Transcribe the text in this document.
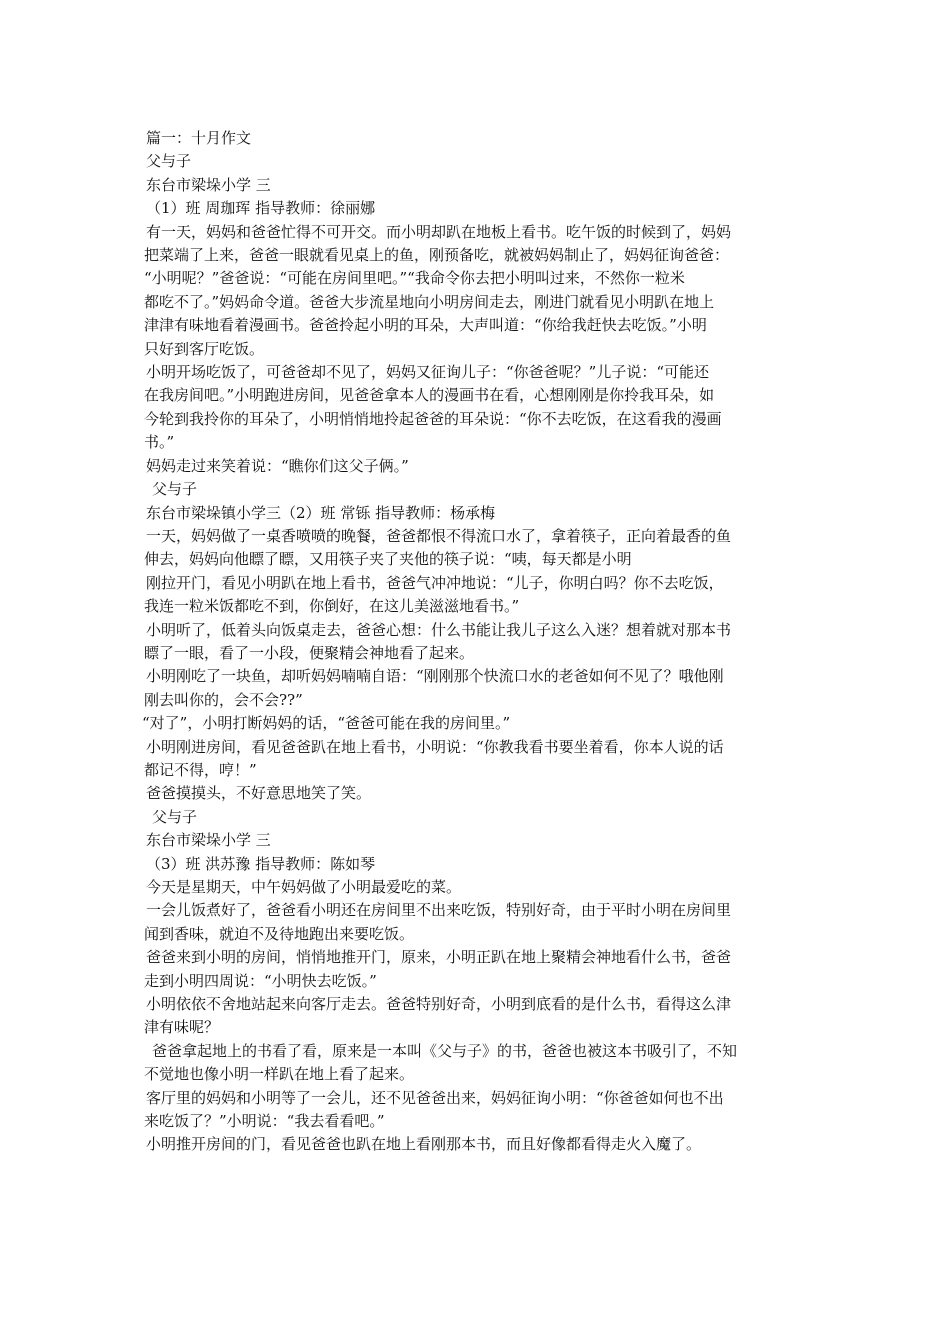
篇一：十月作文

父与子

东台市梁垛小学 三

（1）班 周珈珲 指导教师：徐丽娜

有一天，妈妈和爸爸忙得不可开交。而小明却趴在地板上看书。吃午饭的时候到了，妈妈

把菜端了上来，爸爸一眼就看见桌上的鱼，刚预备吃，就被妈妈制止了，妈妈征询爸爸：

“小明呢？”爸爸说：“可能在房间里吧。”“我命令你去把小明叫过来，不然你一粒米

都吃不了。”妈妈命令道。爸爸大步流星地向小明房间走去，刚进门就看见小明趴在地上

津津有味地看着漫画书。爸爸拎起小明的耳朵，大声叫道：“你给我赶快去吃饭。”小明

只好到客厅吃饭。

小明开场吃饭了，可爸爸却不见了，妈妈又征询儿子：“你爸爸呢？”儿子说：“可能还

在我房间吧。”小明跑进房间，见爸爸拿本人的漫画书在看，心想刚刚是你拎我耳朵，如

今轮到我拎你的耳朵了，小明悄悄地拎起爸爸的耳朵说：“你不去吃饭，在这看我的漫画

书。”

妈妈走过来笑着说：“瞧你们这父子俩。”

父与子

东台市梁垛镇小学三（2）班 常铄 指导教师：杨承梅

一天，妈妈做了一桌香喷喷的晚餐，爸爸都恨不得流口水了，拿着筷子，正向着最香的鱼

伸去，妈妈向他瞟了瞟，又用筷子夹了夹他的筷子说：“咦，每天都是小明

刚拉开门，看见小明趴在地上看书，爸爸气冲冲地说：“儿子，你明白吗？你不去吃饭，

我连一粒米饭都吃不到，你倒好，在这儿美滋滋地看书。”

小明听了，低着头向饭桌走去，爸爸心想：什么书能让我儿子这么入迷？想着就对那本书

瞟了一眼，看了一小段，便聚精会神地看了起来。

小明刚吃了一块鱼，却听妈妈喃喃自语：“刚刚那个快流口水的老爸如何不见了？哦他刚

刚去叫你的，会不会??”

“对了”，小明打断妈妈的话，“爸爸可能在我的房间里。”

小明刚进房间，看见爸爸趴在地上看书，小明说：“你教我看书要坐着看，你本人说的话

都记不得，哼！”

爸爸摸摸头，不好意思地笑了笑。

父与子

东台市梁垛小学 三

（3）班 洪苏豫 指导教师：陈如琴

今天是星期天，中午妈妈做了小明最爱吃的菜。

一会儿饭煮好了，爸爸看小明还在房间里不出来吃饭，特别好奇，由于平时小明在房间里

闻到香味，就迫不及待地跑出来要吃饭。

爸爸来到小明的房间，悄悄地推开门，原来，小明正趴在地上聚精会神地看什么书，爸爸

走到小明四周说：“小明快去吃饭。”

小明依依不舍地站起来向客厅走去。爸爸特别好奇，小明到底看的是什么书，看得这么津

津有味呢？

爸爸拿起地上的书看了看，原来是一本叫《父与子》的书，爸爸也被这本书吸引了，不知

不觉地也像小明一样趴在地上看了起来。

客厅里的妈妈和小明等了一会儿，还不见爸爸出来，妈妈征询小明：“你爸爸如何也不出

来吃饭了？”小明说：“我去看看吧。”

小明推开房间的门，看见爸爸也趴在地上看刚那本书，而且好像都看得走火入魔了。
